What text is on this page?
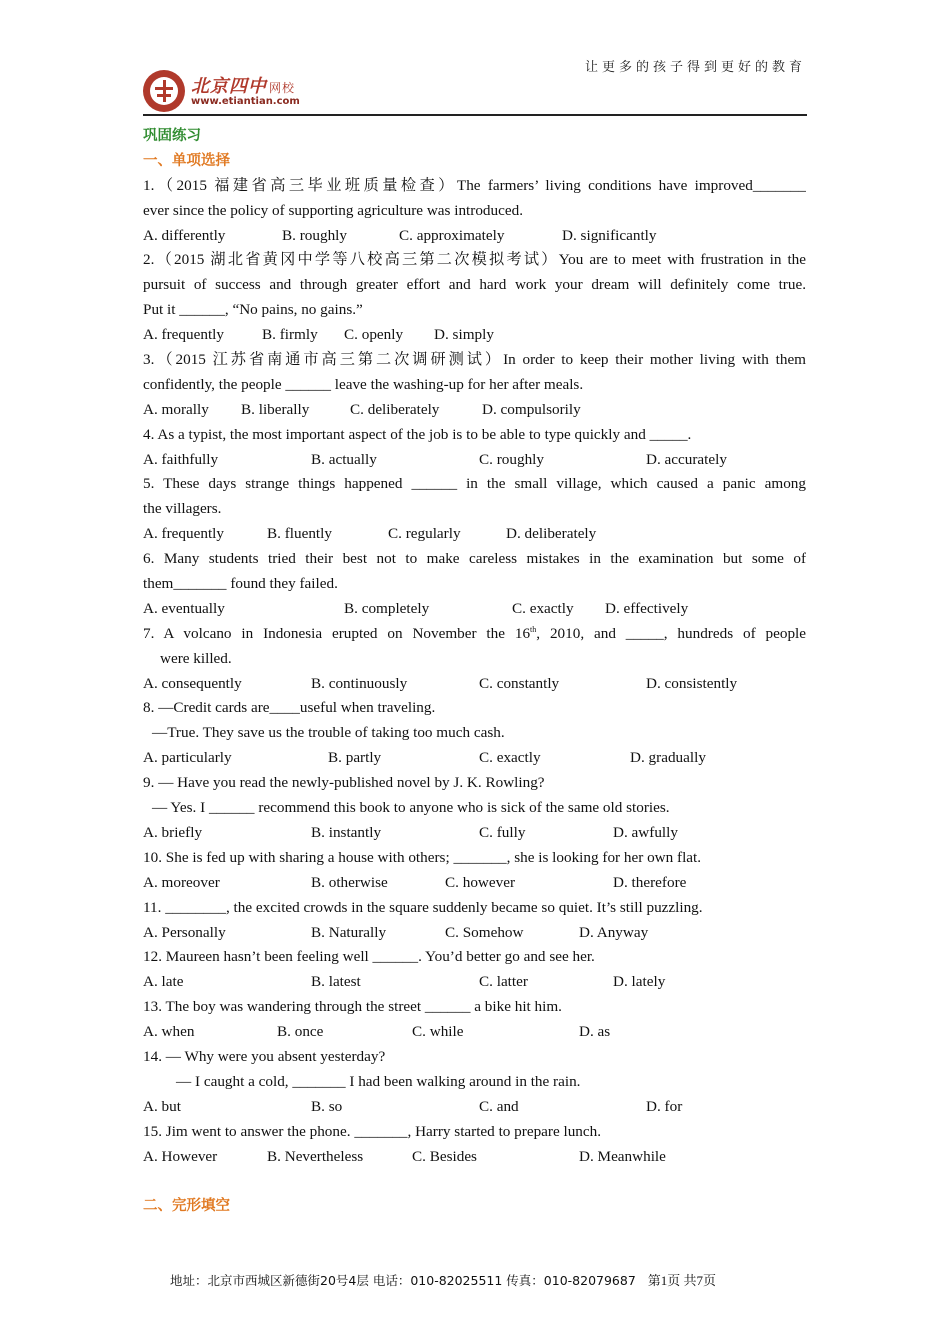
让更多的孩子得到更好的教育
北京四中 网校
www.etiantian.com
巩固练习
一、单项选择
1.（2015 福建省高三毕业班质量检查）The farmers’ living conditions have improved_______
ever since the policy of supporting agriculture was introduced.
A. differently	B. roughly	C. approximately	D. significantly
2.（2015 湖北省黄冈中学等八校高三第二次模拟考试）You are to meet with frustration in the
pursuit of success and through greater effort and hard work your dream will definitely come true.
Put it ______, “No pains, no gains.”
A. frequently	B. firmly C. openly D. simply
3.（2015 江苏省南通市高三第二次调研测试）In order to keep their mother living with them
confidently, the people ______ leave the washing-up for her after meals.
A. morally B. liberally	C. deliberately	D. compulsorily
4. As a typist, the most important aspect of the job is to be able to type quickly and _____.
A. faithfully	B. actually	C. roughly	D. accurately
5. These days strange things happened ______ in the small village, which caused a panic among
the villagers.
A. frequently	B. fluently	C. regularly	D. deliberately
6. Many students tried their best not to make careless mistakes in the examination but some of
them_______ found they failed.
A. eventually	B. completely	C. exactly D. effectively
7. A volcano in Indonesia erupted on November the 16th, 2010, and _____, hundreds of people
were killed.
A. consequently	B. continuously	C. constantly	D. consistently
8. —Credit cards are____useful when traveling.
—True. They save us the trouble of taking too much cash.
A. particularly	B. partly	C. exactly	D. gradually
9. — Have you read the newly-published novel by J. K. Rowling?
— Yes. I ______ recommend this book to anyone who is sick of the same old stories.
A. briefly	B. instantly	C. fully	D. awfully
10. She is fed up with sharing a house with others; _______, she is looking for her own flat.
A. moreover	B. otherwise	C. however	D. therefore
11. ________, the excited crowds in the square suddenly became so quiet. It’s still puzzling.
A. Personally	B. Naturally	C. Somehow	D. Anyway
12. Maureen hasn’t been feeling well ______. You’d better go and see her.
A. late	B. latest	C. latter	D. lately
13. The boy was wandering through the street ______ a bike hit him.
A. when	B. once	C. while	D. as
14. — Why were you absent yesterday?
— I caught a cold, _______ I had been walking around in the rain.
A. but	B. so	C. and	D. for
15. Jim went to answer the phone. _______, Harry started to prepare lunch.
A. However	B. Nevertheless	C. Besides	D. Meanwhile
二、完形填空
地址：北京市西城区新德街20号4层 电话：010-82025511 传真：010-82079687 第1页 共7页
